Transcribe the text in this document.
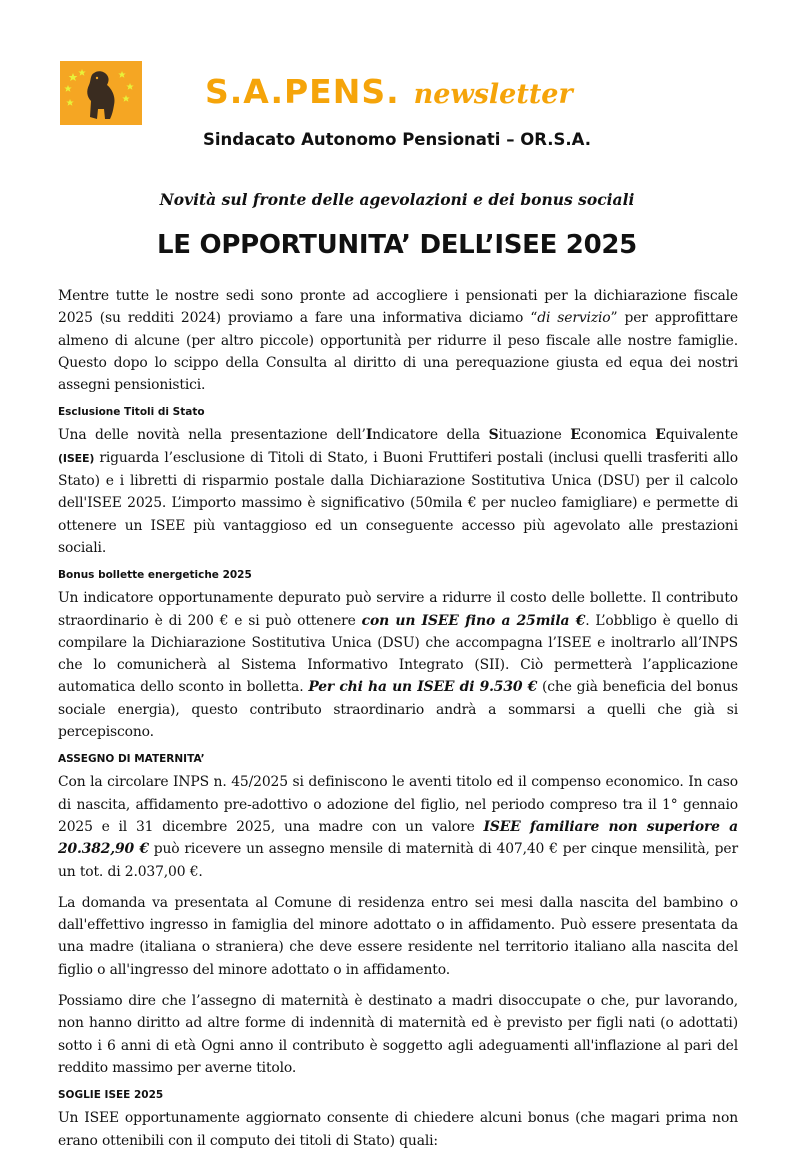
S.A.PENS. newsletter
Sindacato Autonomo Pensionati – OR.S.A.
Novità sul fronte delle agevolazioni e dei bonus sociali
LE OPPORTUNITA’ DELL’ISEE 2025

Mentre tutte le nostre sedi sono pronte ad accogliere i pensionati per la dichiarazione fiscale 2025 (su redditi 2024) proviamo a fare una informativa diciamo “di servizio” per approfittare almeno di alcune (per altro piccole) opportunità per ridurre il peso fiscale alle nostre famiglie. Questo dopo lo scippo della Consulta al diritto di una perequazione giusta ed equa dei nostri assegni pensionistici.

Esclusione Titoli di Stato

Una delle novità nella presentazione dell’Indicatore della Situazione Economica Equivalente (ISEE) riguarda l’esclusione di Titoli di Stato, i Buoni Fruttiferi postali (inclusi quelli trasferiti allo Stato) e i libretti di risparmio postale dalla Dichiarazione Sostitutiva Unica (DSU) per il calcolo dell'ISEE 2025. L’importo massimo è significativo (50mila € per nucleo famigliare) e permette di ottenere un ISEE più vantaggioso ed un conseguente accesso più agevolato alle prestazioni sociali.

Bonus bollette energetiche 2025

Un indicatore opportunamente depurato può servire a ridurre il costo delle bollette. Il contributo straordinario è di 200 € e si può ottenere con un ISEE fino a 25mila €. L’obbligo è quello di compilare la Dichiarazione Sostitutiva Unica (DSU) che accompagna l’ISEE e inoltrarlo all’INPS che lo comunicherà al Sistema Informativo Integrato (SII). Ciò permetterà l’applicazione automatica dello sconto in bolletta. Per chi ha un ISEE di 9.530 € (che già beneficia del bonus sociale energia), questo contributo straordinario andrà a sommarsi a quelli che già si percepiscono.

ASSEGNO DI MATERNITA’

Con la circolare INPS n. 45/2025 si definiscono le aventi titolo ed il compenso economico. In caso di nascita, affidamento pre-adottivo o adozione del figlio, nel periodo compreso tra il 1° gennaio 2025 e il 31 dicembre 2025, una madre con un valore ISEE familiare non superiore a 20.382,90 € può ricevere un assegno mensile di maternità di 407,40 € per cinque mensilità, per un tot. di 2.037,00 €.

La domanda va presentata al Comune di residenza entro sei mesi dalla nascita del bambino o dall'effettivo ingresso in famiglia del minore adottato o in affidamento. Può essere presentata da una madre (italiana o straniera) che deve essere residente nel territorio italiano alla nascita del figlio o all'ingresso del minore adottato o in affidamento.

Possiamo dire che l’assegno di maternità è destinato a madri disoccupate o che, pur lavorando, non hanno diritto ad altre forme di indennità di maternità ed è previsto per figli nati (o adottati) sotto i 6 anni di età Ogni anno il contributo è soggetto agli adeguamenti all'inflazione al pari del reddito massimo per averne titolo.

SOGLIE ISEE 2025

Un ISEE opportunamente aggiornato consente di chiedere alcuni bonus (che magari prima non erano ottenibili con il computo dei titoli di Stato) quali:
